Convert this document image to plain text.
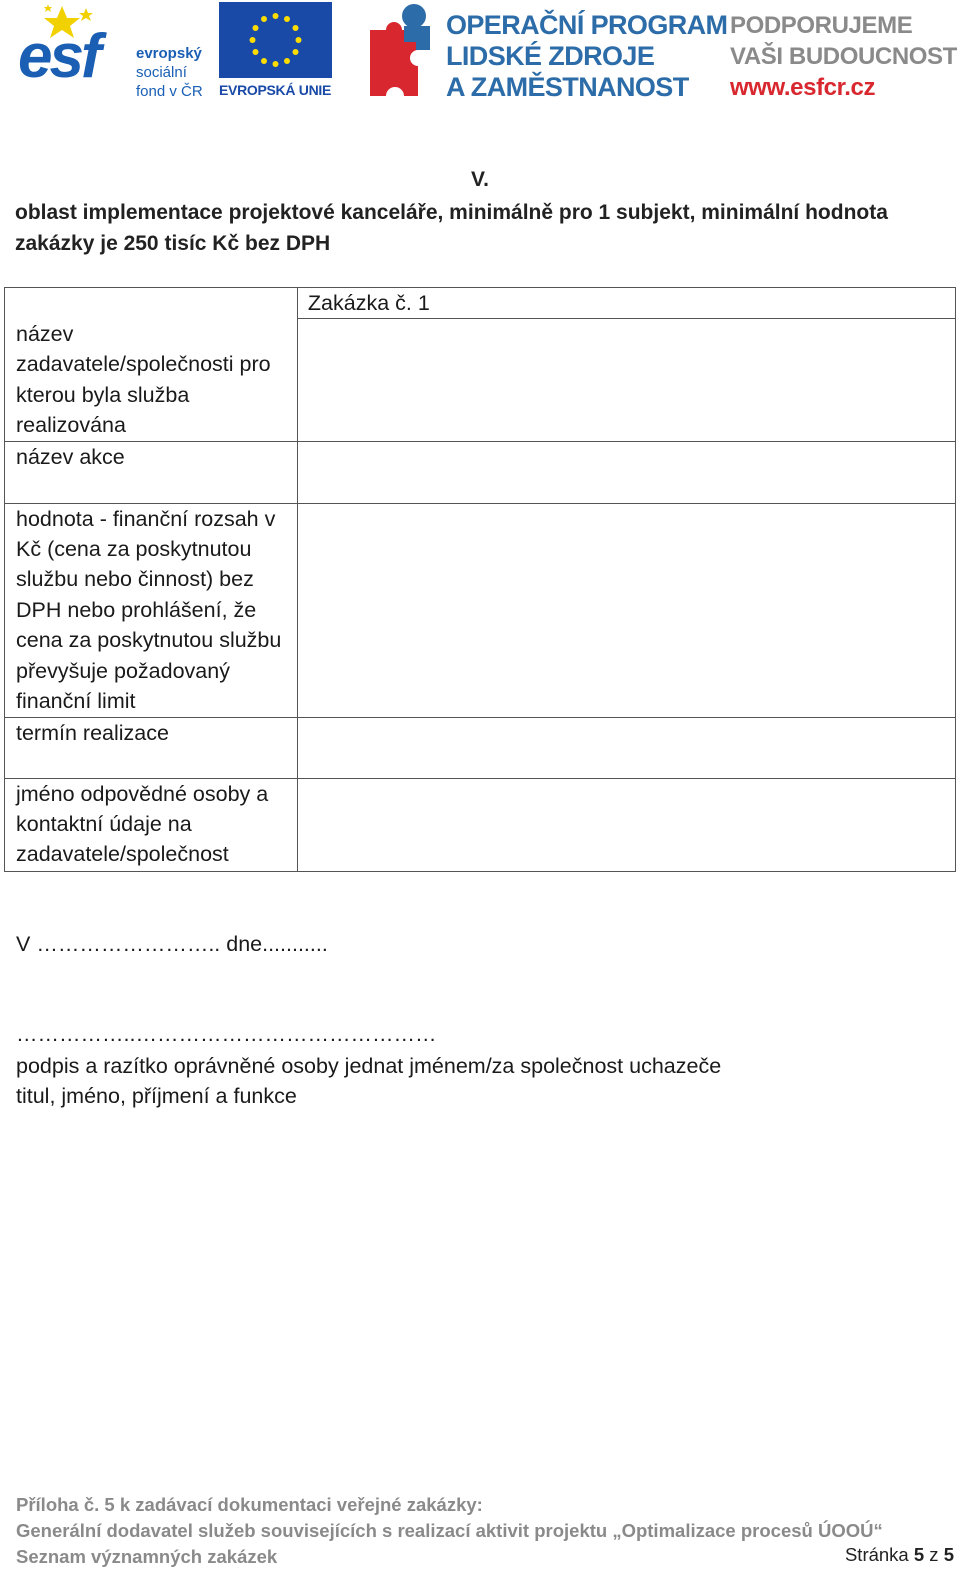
esf evropský
sociální
fond v ČR EVROPSKÁ UNIE
OPERAČNÍ PROGRAM
LIDSKÉ ZDROJE
A ZAMĚSTNANOST
PODPORUJEME
VAŠI BUDOUCNOST
www.esfcr.cz
V.
oblast implementace projektové kanceláře, minimálně pro 1 subjekt, minimální hodnota zakázky je 250 tisíc Kč bez DPH
název zadavatele/společnosti pro kterou byla služba realizována	Zakázka č. 1

název akce	
hodnota - finanční rozsah v Kč (cena za poskytnutou službu nebo činnost) bez DPH nebo prohlášení, že cena za poskytnutou službu převyšuje požadovaný finanční limit	
termín realizace	
jméno odpovědné osoby a kontaktní údaje na zadavatele/společnost	
V …………………….. dne...........
……………..……………………………………
podpis a razítko oprávněné osoby jednat jménem/za společnost uchazeče
titul, jméno, příjmení a funkce
Příloha č. 5 k zadávací dokumentaci veřejné zakázky:
Generální dodavatel služeb souvisejících s realizací aktivit projektu „Optimalizace procesů ÚOOÚ“
Seznam významných zakázek	Stránka 5 z 5
